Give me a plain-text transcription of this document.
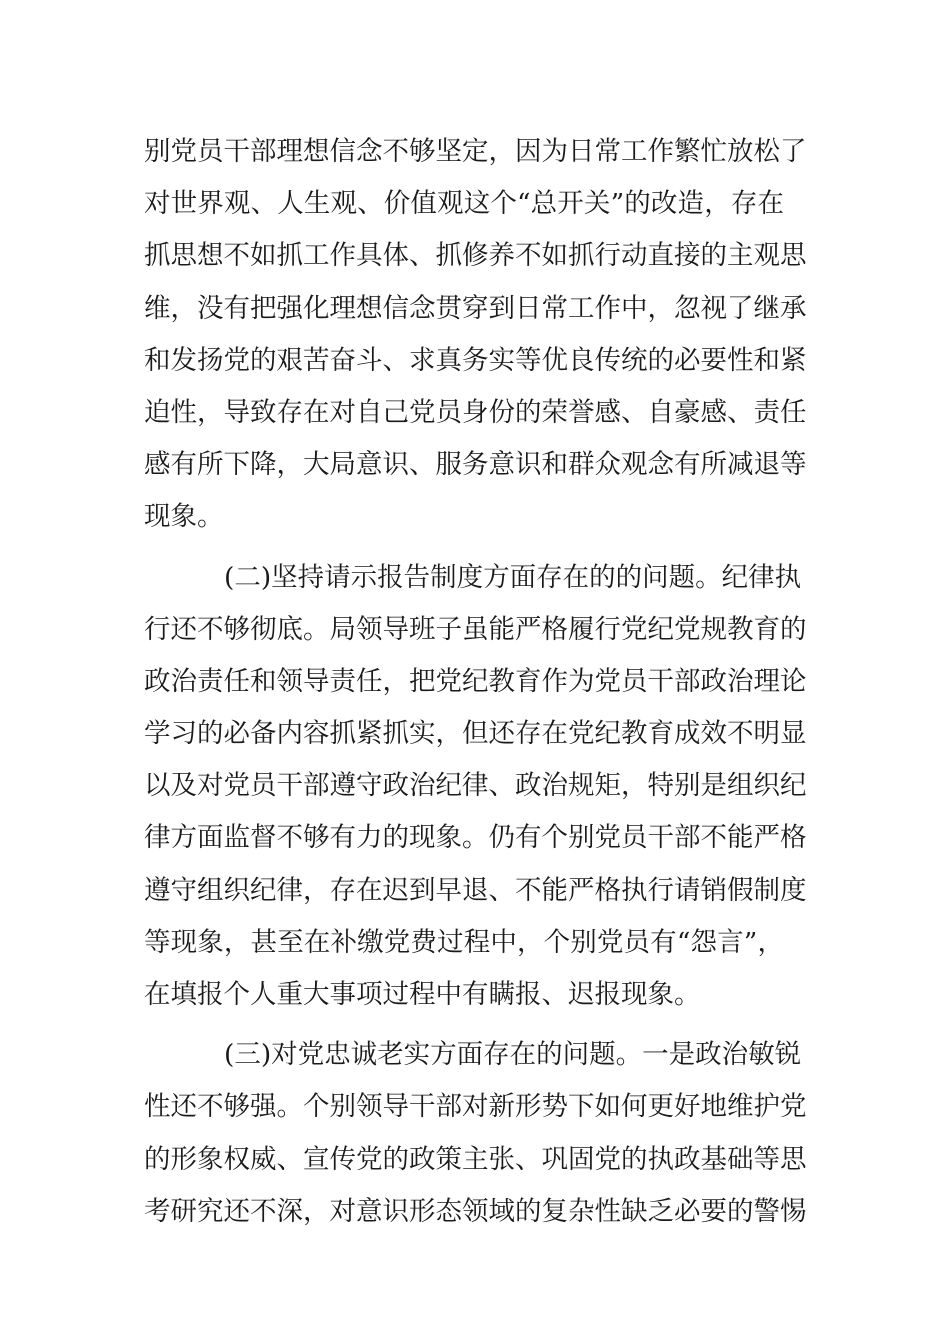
别党员干部理想信念不够坚定，因为日常工作繁忙放松了
对世界观、人生观、价值观这个“总开关”的改造，存在
抓思想不如抓工作具体、抓修养不如抓行动直接的主观思
维，没有把强化理想信念贯穿到日常工作中，忽视了继承
和发扬党的艰苦奋斗、求真务实等优良传统的必要性和紧
迫性，导致存在对自己党员身份的荣誉感、自豪感、责任
感有所下降，大局意识、服务意识和群众观念有所减退等
现象。
(二)坚持请示报告制度方面存在的的问题。纪律执
行还不够彻底。局领导班子虽能严格履行党纪党规教育的
政治责任和领导责任，把党纪教育作为党员干部政治理论
学习的必备内容抓紧抓实，但还存在党纪教育成效不明显
以及对党员干部遵守政治纪律、政治规矩，特别是组织纪
律方面监督不够有力的现象。仍有个别党员干部不能严格
遵守组织纪律，存在迟到早退、不能严格执行请销假制度
等现象，甚至在补缴党费过程中，个别党员有“怨言”，
在填报个人重大事项过程中有瞒报、迟报现象。
(三)对党忠诚老实方面存在的问题。一是政治敏锐
性还不够强。个别领导干部对新形势下如何更好地维护党
的形象权威、宣传党的政策主张、巩固党的执政基础等思
考研究还不深，对意识形态领域的复杂性缺乏必要的警惕
